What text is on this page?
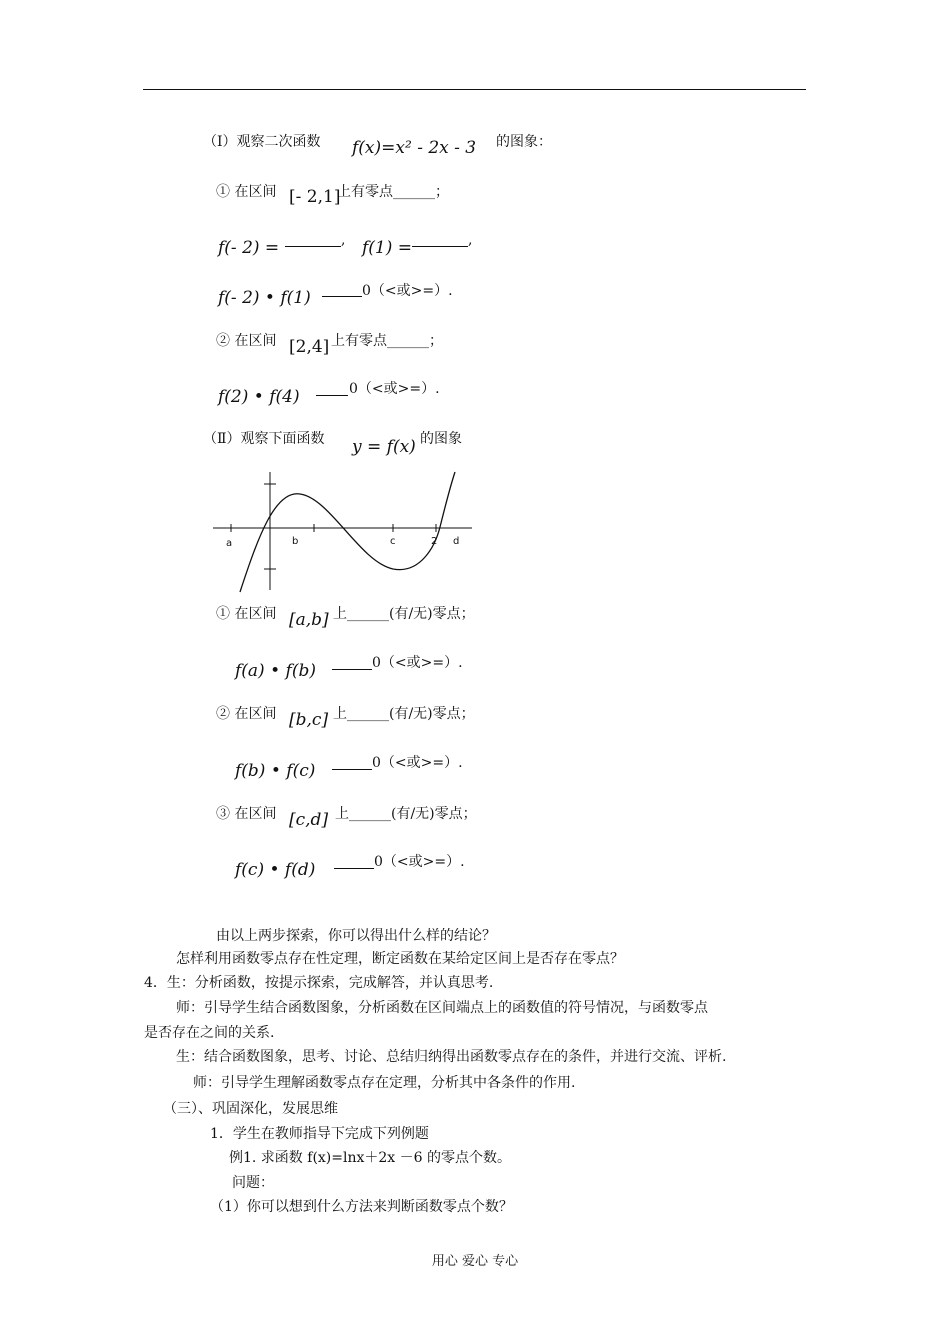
（Ⅰ）观察二次函数 f(x)=x² - 2x - 3 的图象：
① 在区间 [- 2,1]
上有零点______；
f(- 2) =	, f(1) =	,
f(- 2) • f(1)	0（<或>=）.
② 在区间 [2,4] 上有零点______；
f(2) • f(4)	0（<或>=）.
（Ⅱ）观察下面函数 y = f(x) 的图象
a	b	c	2 d
① 在区间 [a,b] 上______(有/无)零点；
f(a) • f(b)	0（<或>=）.
② 在区间 [b,c] 上______(有/无)零点；
f(b) • f(c)	0（<或>=）.
③ 在区间 [c,d] 上______(有/无)零点；
f(c) • f(d)	0（<或>=）.
由以上两步探索，你可以得出什么样的结论？
怎样利用函数零点存在性定理，断定函数在某给定区间上是否存在零点？
4．生：分析函数，按提示探索，完成解答，并认真思考.
师：引导学生结合函数图象，分析函数在区间端点上的函数值的符号情况，与函数零点
是否存在之间的关系.
生：结合函数图象，思考、讨论、总结归纳得出函数零点存在的条件，并进行交流、评析.
师：引导学生理解函数零点存在定理，分析其中各条件的作用.
（三）、巩固深化，发展思维
1．学生在教师指导下完成下列例题
例1. 求函数 f(x)=lnx＋2x －6 的零点个数。
问题：
（1）你可以想到什么方法来判断函数零点个数？
用心 爱心 专心
